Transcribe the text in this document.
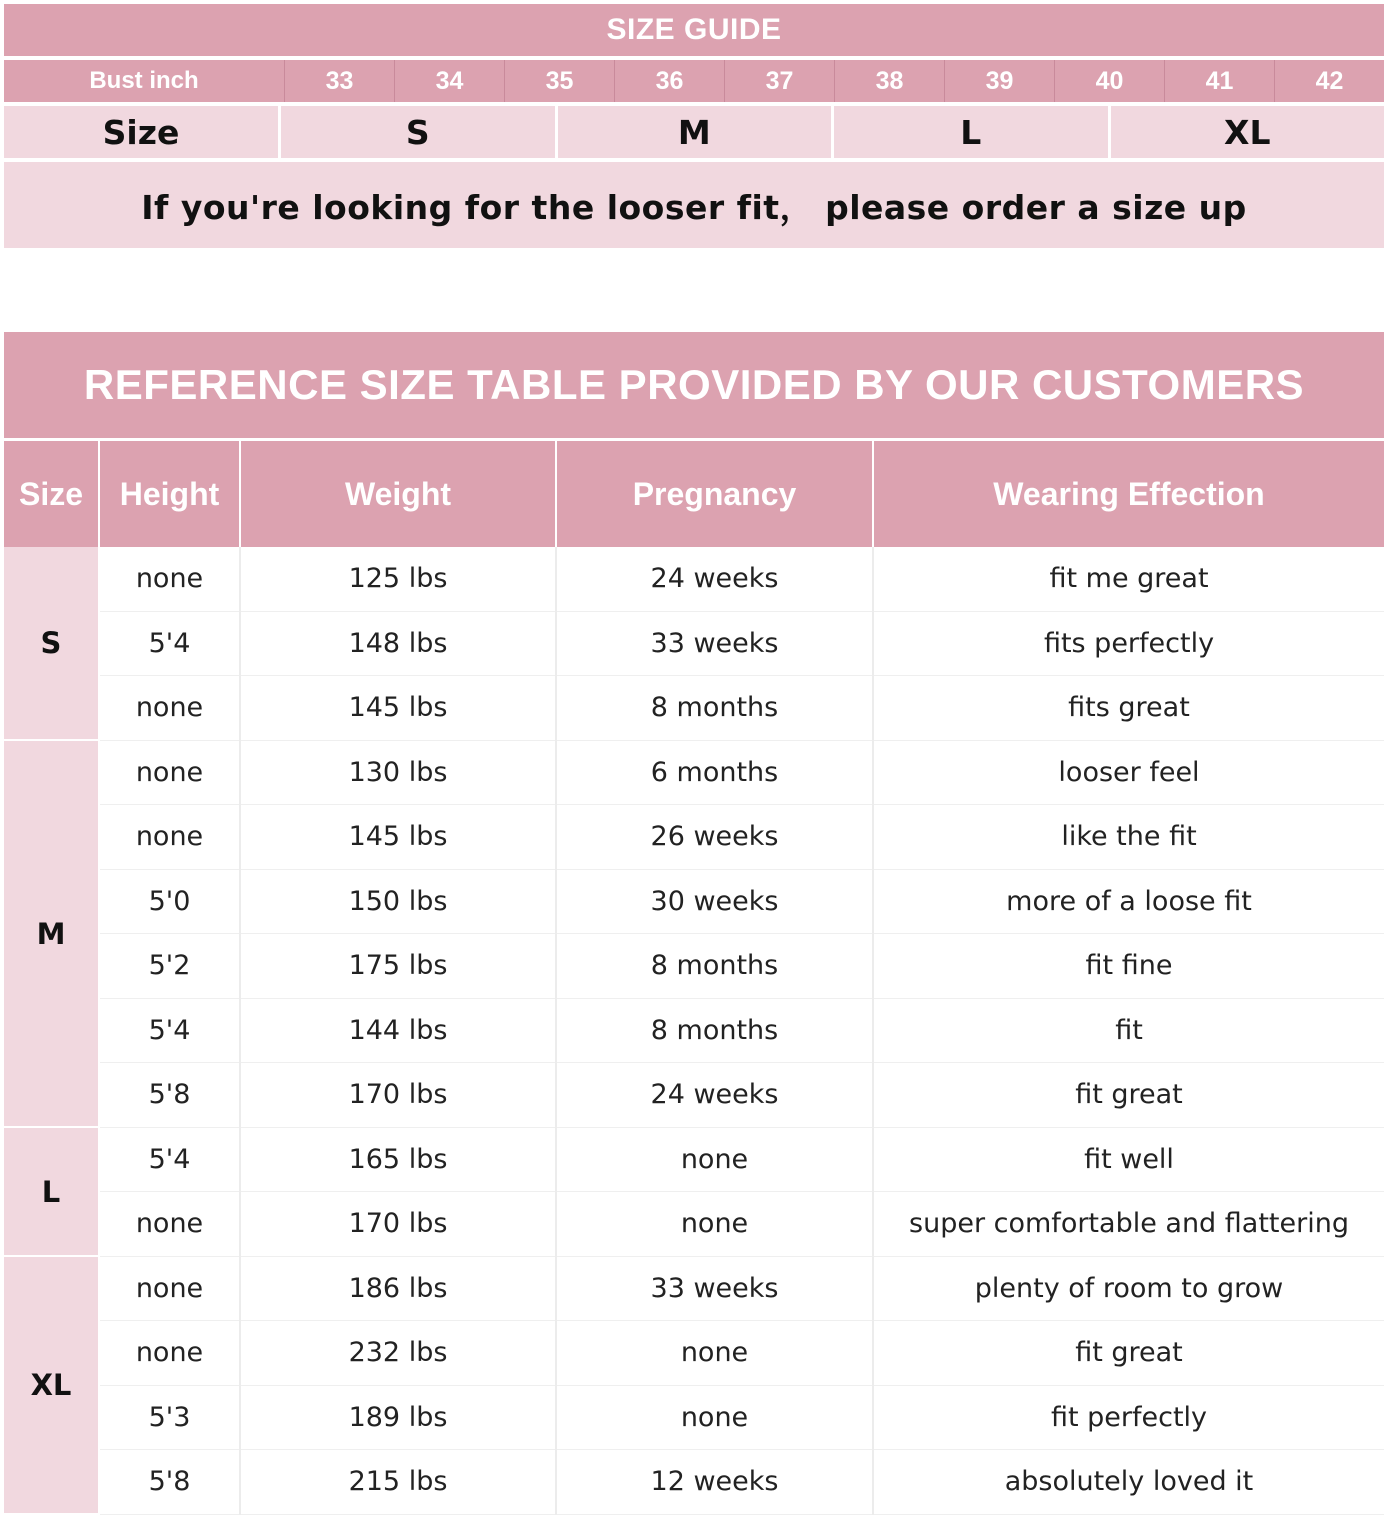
SIZE GUIDE
Bust inch	33	34	35	36	37	38	39	40	41	42
Size	S	M	L	XL
If you're looking for the looser fit， please order a size up
REFERENCE SIZE TABLE PROVIDED BY OUR CUSTOMERS
Size	Height	Weight	Pregnancy	Wearing Effection
S	none	125 lbs	24 weeks	fit me great
	5'4	148 lbs	33 weeks	fits perfectly
	none	145 lbs	8 months	fits great
M	none	130 lbs	6 months	looser feel
	none	145 lbs	26 weeks	like the fit
	5'0	150 lbs	30 weeks	more of a loose fit
	5'2	175 lbs	8 months	fit fine
	5'4	144 lbs	8 months	fit
	5'8	170 lbs	24 weeks	fit great
L	5'4	165 lbs	none	fit well
	none	170 lbs	none	super comfortable and flattering
XL	none	186 lbs	33 weeks	plenty of room to grow
	none	232 lbs	none	fit great
	5'3	189 lbs	none	fit perfectly
	5'8	215 lbs	12 weeks	absolutely loved it
